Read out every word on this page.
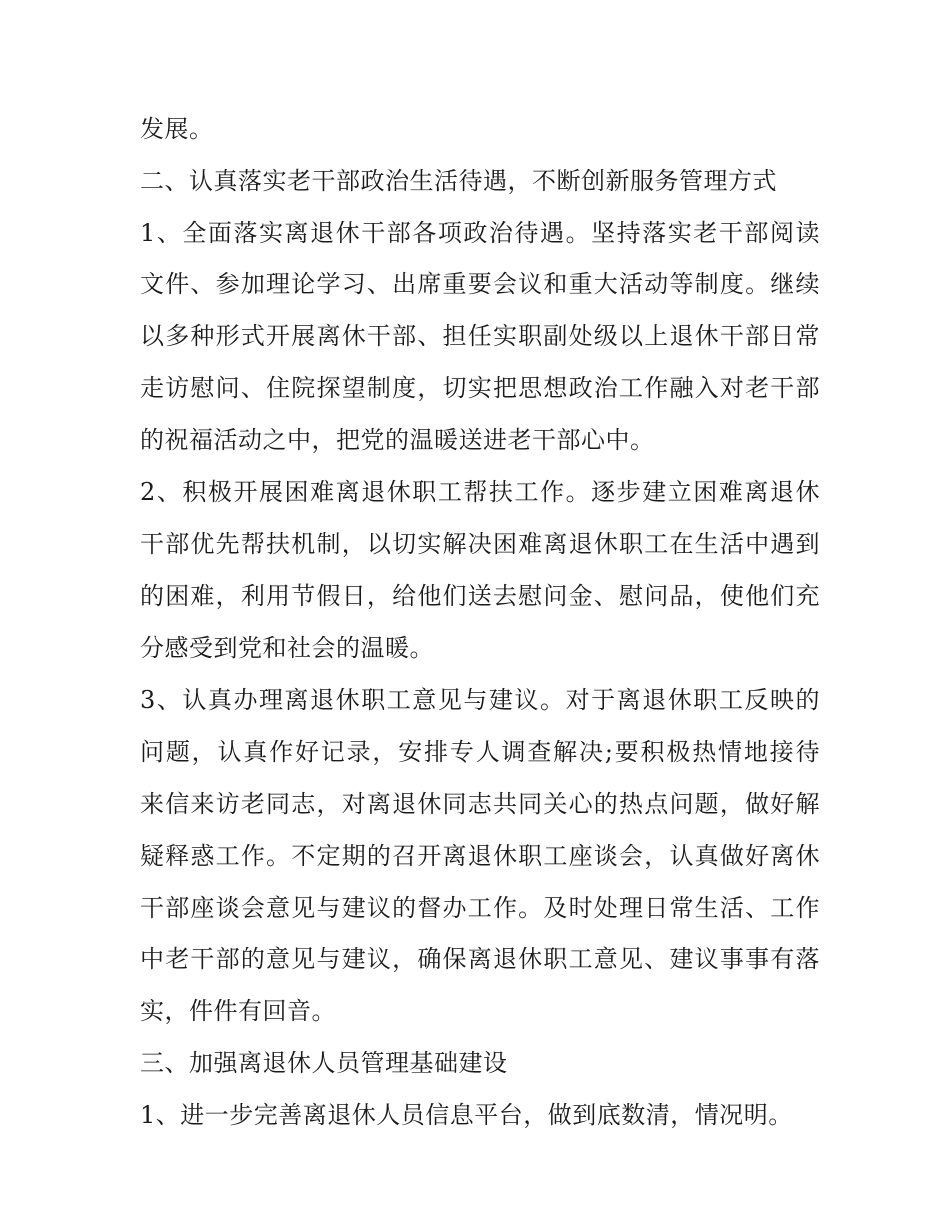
发展。
二、认真落实老干部政治生活待遇，不断创新服务管理方式
1、全面落实离退休干部各项政治待遇。坚持落实老干部阅读
文件、参加理论学习、出席重要会议和重大活动等制度。继续
以多种形式开展离休干部、担任实职副处级以上退休干部日常
走访慰问、住院探望制度，切实把思想政治工作融入对老干部
的祝福活动之中，把党的温暖送进老干部心中。
2、积极开展困难离退休职工帮扶工作。逐步建立困难离退休
干部优先帮扶机制，以切实解决困难离退休职工在生活中遇到
的困难，利用节假日，给他们送去慰问金、慰问品，使他们充
分感受到党和社会的温暖。
3、认真办理离退休职工意见与建议。对于离退休职工反映的
问题，认真作好记录，安排专人调查解决;要积极热情地接待
来信来访老同志，对离退休同志共同关心的热点问题，做好解
疑释惑工作。不定期的召开离退休职工座谈会，认真做好离休
干部座谈会意见与建议的督办工作。及时处理日常生活、工作
中老干部的意见与建议，确保离退休职工意见、建议事事有落
实，件件有回音。
三、加强离退休人员管理基础建设
1、进一步完善离退休人员信息平台，做到底数清，情况明。
